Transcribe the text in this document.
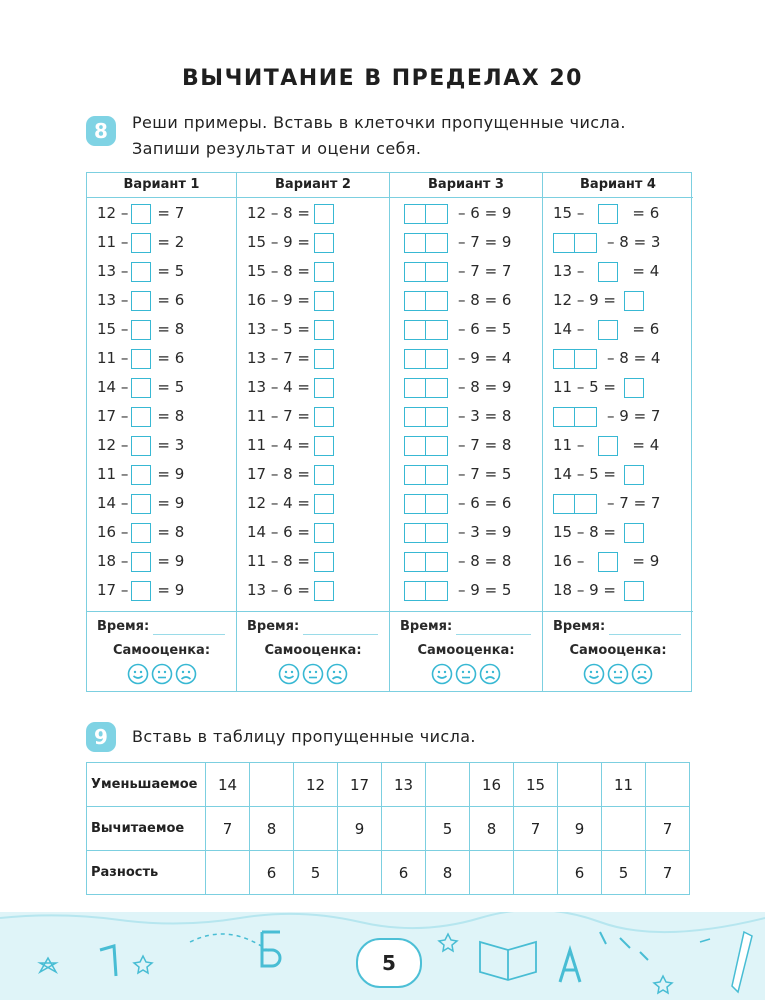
ВЫЧИТАНИЕ В ПРЕДЕЛАХ 20
8	Реши примеры. Вставь в клеточки пропущенные числа.
Запиши результат и оцени себя.
Вариант 1
12 – = 7
11 – = 2
13 – = 5
13 – = 6
15 – = 8
11 – = 6
14 – = 5
17 – = 8
12 – = 3
11 – = 9
14 – = 9
16 – = 8
18 – = 9
17 – = 9
Время:
Самооценка:
Вариант 2
12 – 8 =
15 – 9 =
15 – 8 =
16 – 9 =
13 – 5 =
13 – 7 =
13 – 4 =
11 – 7 =
11 – 4 =
17 – 8 =
12 – 4 =
14 – 6 =
11 – 8 =
13 – 6 =
Время:
Самооценка:
Вариант 3
– 6 = 9
– 7 = 9
– 7 = 7
– 8 = 6
– 6 = 5
– 9 = 4
– 8 = 9
– 3 = 8
– 7 = 8
– 7 = 5
– 6 = 6
– 3 = 9
– 8 = 8
– 9 = 5
Время:
Самооценка:
Вариант 4
15 –	= 6
– 8 = 3
13 –	= 4
12 – 9 =
14 –	= 6
– 8 = 4
11 – 5 =
– 9 = 7
11 –	= 4
14 – 5 =
– 7 = 7
15 – 8 =
16 –	= 9
18 – 9 =
Время:
Самооценка:
9	Вставь в таблицу пропущенные числа.
Уменьшаемое	14		12	17	13		16	15		11	
Вычитаемое	7	8		9		5	8	7	9		7
Разность		6	5		6	8			6	5	7
5
